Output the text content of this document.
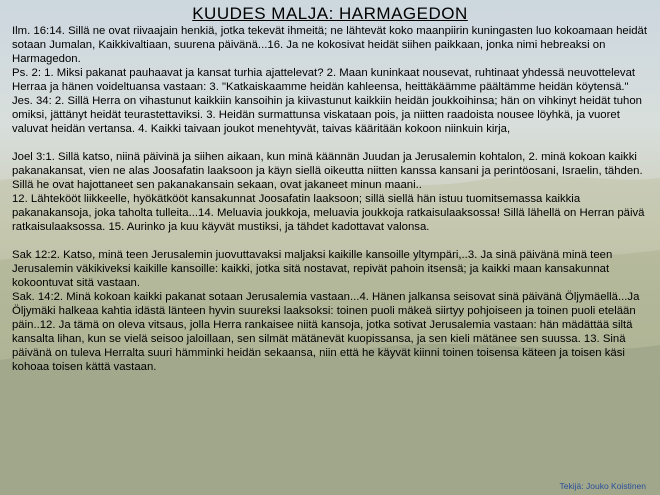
KUUDES MALJA: HARMAGEDON

Ilm. 16:14. Sillä ne ovat riivaajain henkiä, jotka tekevät ihmeitä; ne lähtevät koko maanpiirin kuningasten luo kokoamaan heidät sotaan Jumalan, Kaikkivaltiaan, suurena päivänä...16. Ja ne kokosivat heidät siihen paikkaan, jonka nimi hebreaksi on Harmagedon.

Ps. 2: 1. Miksi pakanat pauhaavat ja kansat turhia ajattelevat? 2. Maan kuninkaat nousevat, ruhtinaat yhdessä neuvottelevat Herraa ja hänen voideltuansa vastaan: 3. "Katkaiskaamme heidän kahleensa, heittäkäämme päältämme heidän köytensä."

Jes. 34: 2. Sillä Herra on vihastunut kaikkiin kansoihin ja kiivastunut kaikkiin heidän joukkoihinsa; hän on vihkinyt heidät tuhon omiksi, jättänyt heidät teurastettaviksi. 3. Heidän surmattunsa viskataan pois, ja niitten raadoista nousee löyhkä, ja vuoret valuvat heidän vertansa. 4. Kaikki taivaan joukot menehtyvät, taivas kääritään kokoon niinkuin kirja,

Joel 3:1. Sillä katso, niinä päivinä ja siihen aikaan, kun minä käännän Juudan ja Jerusalemin kohtalon, 2. minä kokoan kaikki pakanakansat, vien ne alas Joosafatin laaksoon ja käyn siellä oikeutta niitten kanssa kansani ja perintöosani, Israelin, tähden. Sillä he ovat hajottaneet sen pakanakansain sekaan, ovat jakaneet minun maani..

12. Lähtekööt liikkeelle, hyökätkööt kansakunnat Joosafatin laaksoon; sillä siellä hän istuu tuomitsemassa kaikkia pakanakansoja, joka taholta tulleita...14. Meluavia joukkoja, meluavia joukkoja ratkaisulaaksossa! Sillä lähellä on Herran päivä ratkaisulaaksossa. 15. Aurinko ja kuu käyvät mustiksi, ja tähdet kadottavat valonsa.

Sak 12:2. Katso, minä teen Jerusalemin juovuttavaksi maljaksi kaikille kansoille yltympäri,..3. Ja sinä päivänä minä teen Jerusalemin väkikiveksi kaikille kansoille: kaikki, jotka sitä nostavat, repivät pahoin itsensä; ja kaikki maan kansakunnat kokoontuvat sitä vastaan.

Sak. 14:2. Minä kokoan kaikki pakanat sotaan Jerusalemia vastaan...4. Hänen jalkansa seisovat sinä päivänä Öljymäellä...Ja Öljymäki halkeaa kahtia idästä länteen hyvin suureksi laaksoksi: toinen puoli mäkeä siirtyy pohjoiseen ja toinen puoli etelään päin..12. Ja tämä on oleva vitsaus, jolla Herra rankaisee niitä kansoja, jotka sotivat Jerusalemia vastaan: hän mädättää siltä kansalta lihan, kun se vielä seisoo jaloillaan, sen silmät mätänevät kuopissansa, ja sen kieli mätänee sen suussa. 13. Sinä päivänä on tuleva Herralta suuri hämminki heidän sekaansa, niin että he käyvät kiinni toinen toisensa käteen ja toisen käsi kohoaa toisen kättä vastaan.

Tekijä: Jouko Koistinen
